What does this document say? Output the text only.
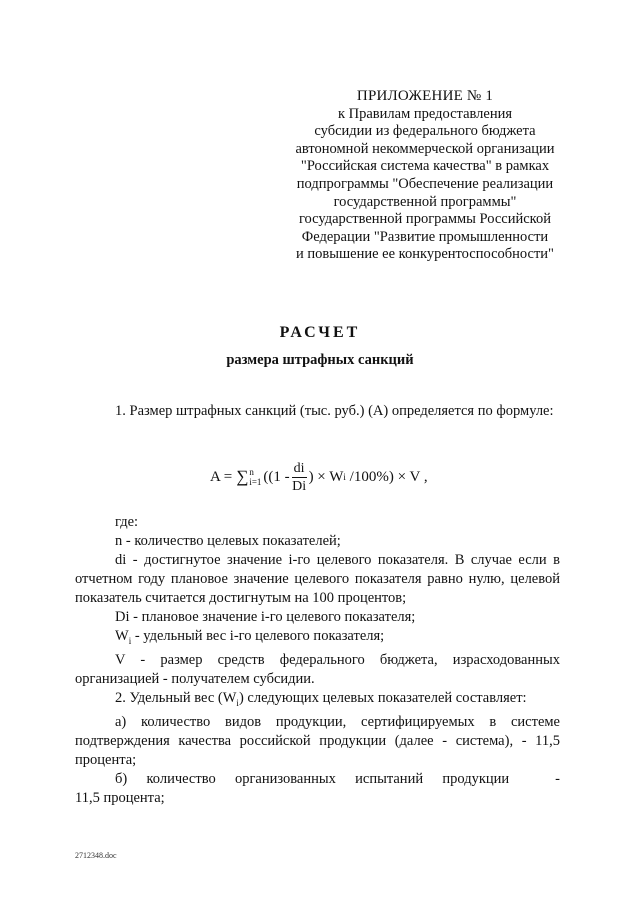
ПРИЛОЖЕНИЕ № 1
к Правилам предоставления
субсидии из федерального бюджета
автономной некоммерческой организации
"Российская система качества" в рамках
подпрограммы "Обеспечение реализации
государственной программы"
государственной программы Российской
Федерации "Развитие промышленности
и повышение ее конкурентоспособности"
РАСЧЕТ
размера штрафных санкций

1. Размер штрафных санкций (тыс. руб.) (А) определяется по формуле:

A = ∑ n
i=1 (($1 - \frac{di}{Di}$ ) × W i /100%) × V ,

где:

n - количество целевых показателей;

di - достигнутое значение i-го целевого показателя. В случае если в отчетном году плановое значение целевого показателя равно нулю, целевой показатель считается достигнутым на 100 процентов;

Di - плановое значение i-го целевого показателя;

$W_i$ - удельный вес i-го целевого показателя;

V - размер средств федерального бюджета, израсходованных организацией - получателем субсидии.

2. Удельный вес $(W_i)$ следующих целевых показателей составляет:

а) количество видов продукции, сертифицируемых в системе подтверждения качества российской продукции (далее - система), - 11,5 процента;

б) количество организованных испытаний продукции	-

11,5 процента;

2712348.doc
